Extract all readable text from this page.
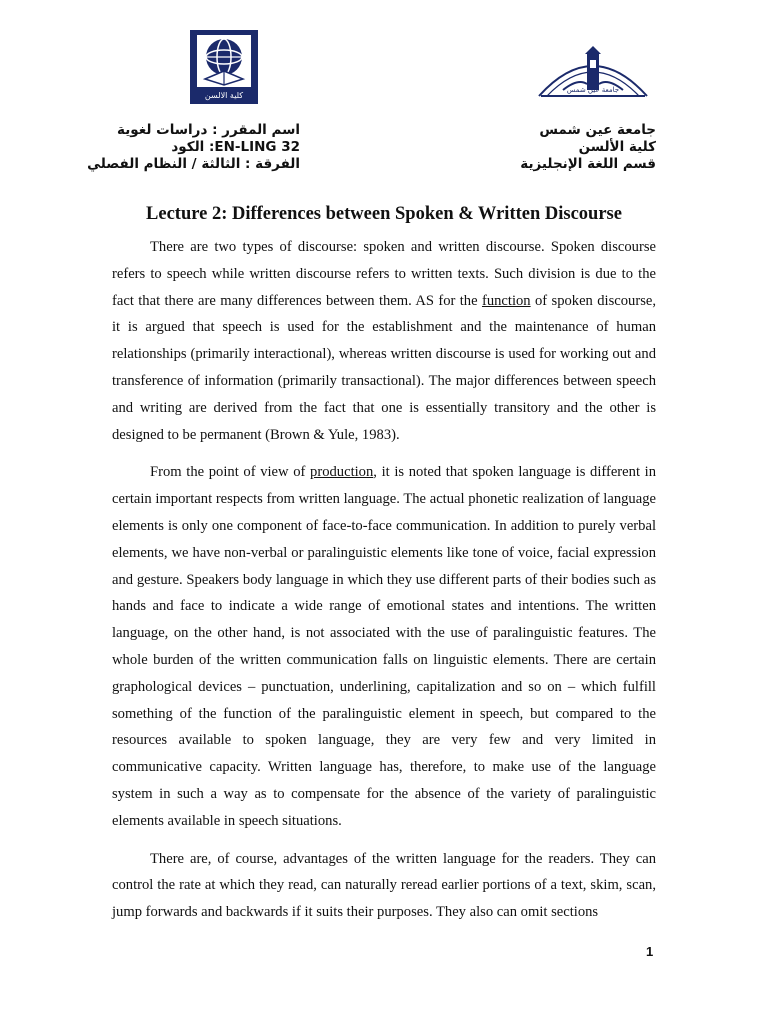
كلية الالسن
جامعة عين شمس
اسم المقرر : دراسات لغوية
EN-LING 32: الكود
الفرقة : الثالثة / النظام الفصلي
جامعة عين شمس
كلية الألسن
قسم اللغة الإنجليزية
Lecture 2: Differences between Spoken & Written Discourse

There are two types of discourse: spoken and written discourse. Spoken discourse refers to speech while written discourse refers to written texts. Such division is due to the fact that there are many differences between them. AS for the function of spoken discourse, it is argued that speech is used for the establishment and the maintenance of human relationships (primarily interactional), whereas written discourse is used for working out and transference of information (primarily transactional). The major differences between speech and writing are derived from the fact that one is essentially transitory and the other is designed to be permanent (Brown & Yule, 1983).

From the point of view of production, it is noted that spoken language is different in certain important respects from written language. The actual phonetic realization of language elements is only one component of face-to-face communication. In addition to purely verbal elements, we have non-verbal or paralinguistic elements like tone of voice, facial expression and gesture. Speakers body language in which they use different parts of their bodies such as hands and face to indicate a wide range of emotional states and intentions. The written language, on the other hand, is not associated with the use of paralinguistic features. The whole burden of the written communication falls on linguistic elements. There are certain graphological devices – punctuation, underlining, capitalization and so on – which fulfill something of the function of the paralinguistic element in speech, but compared to the resources available to spoken language, they are very few and very limited in communicative capacity. Written language has, therefore, to make use of the language system in such a way as to compensate for the absence of the variety of paralinguistic elements available in speech situations.

There are, of course, advantages of the written language for the readers. They can control the rate at which they read, can naturally reread earlier portions of a text, skim, scan, jump forwards and backwards if it suits their purposes. They also can omit sections

1
